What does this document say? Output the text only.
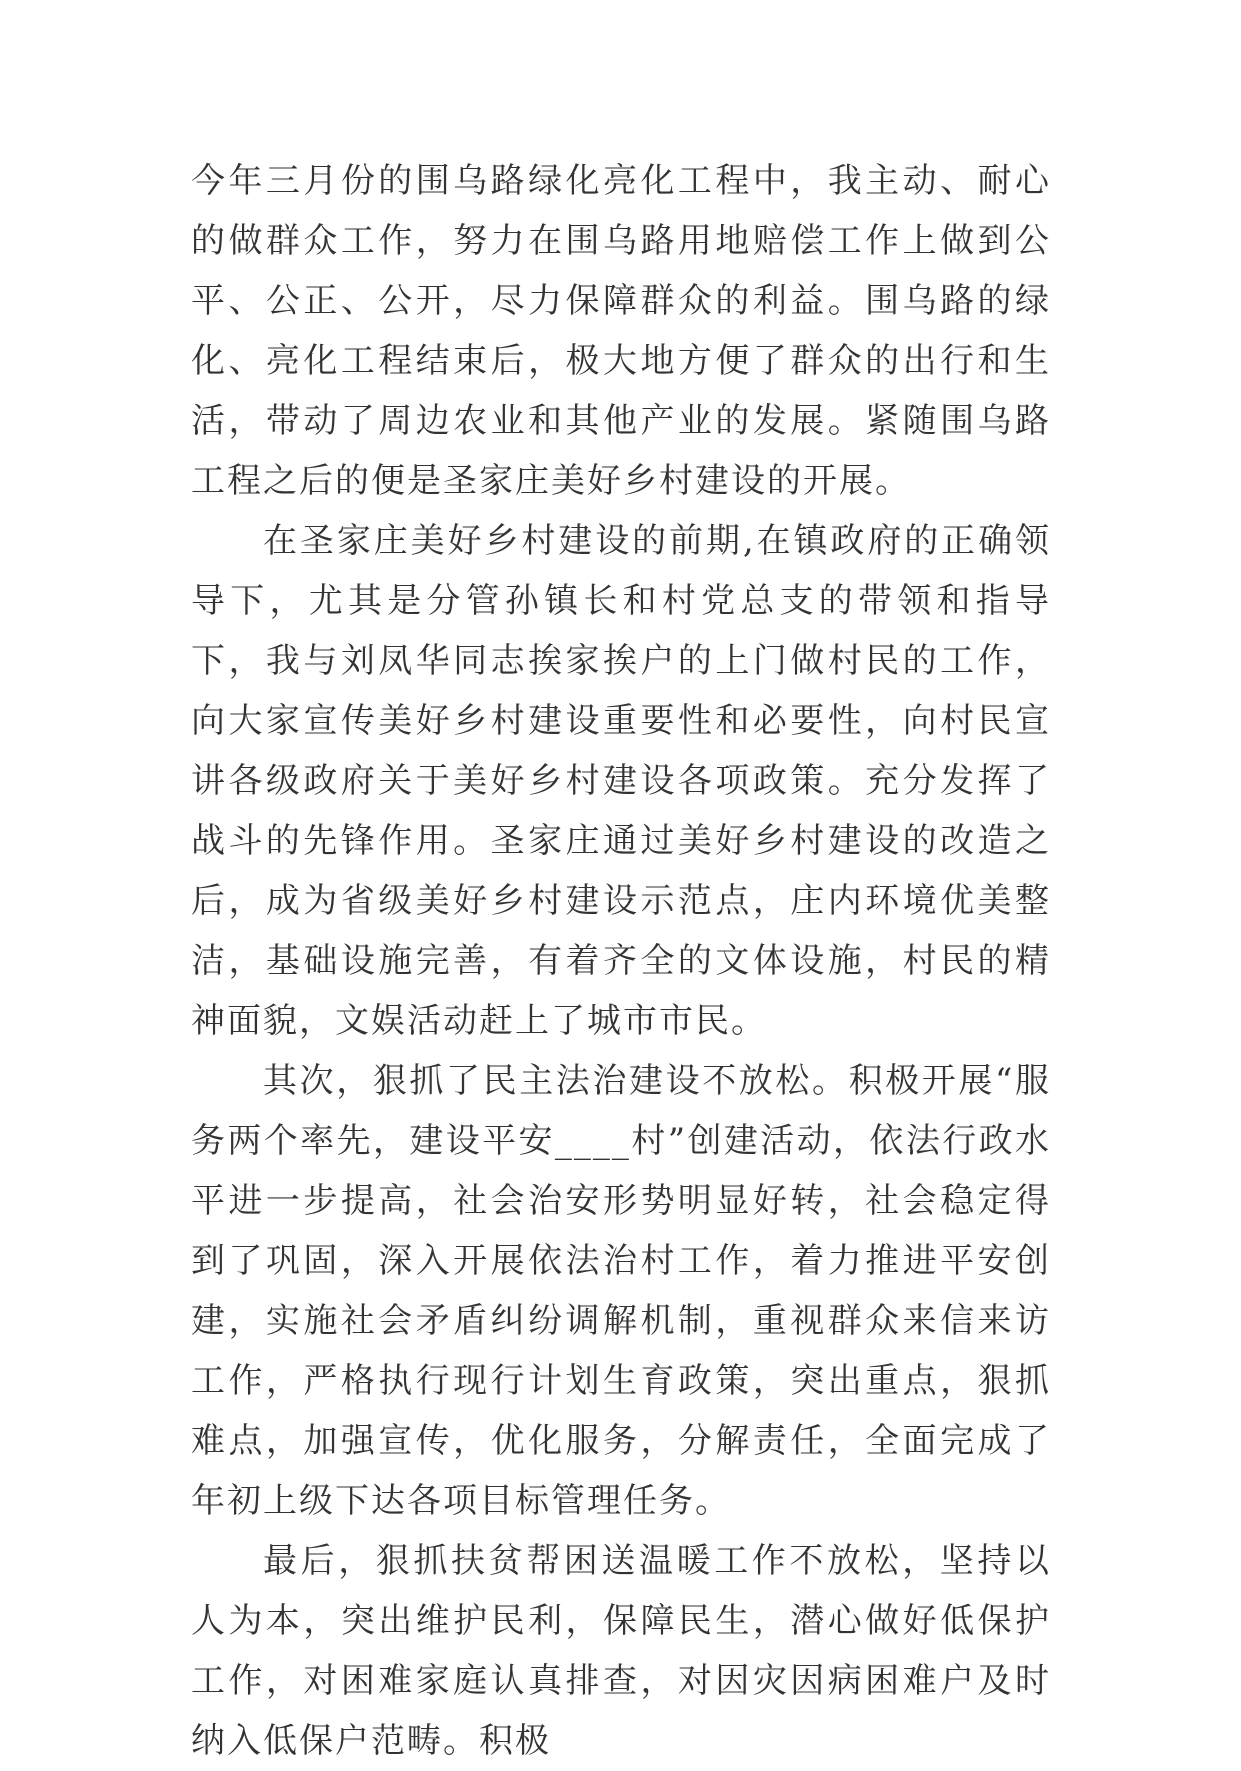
今年三月份的围乌路绿化亮化工程中，我主动、耐心的做群众工作，努力在围乌路用地赔偿工作上做到公平、公正、公开，尽力保障群众的利益。围乌路的绿化、亮化工程结束后，极大地方便了群众的出行和生活，带动了周边农业和其他产业的发展。紧随围乌路工程之后的便是圣家庄美好乡村建设的开展。

在圣家庄美好乡村建设的前期,在镇政府的正确领导下，尤其是分管孙镇长和村党总支的带领和指导下，我与刘凤华同志挨家挨户的上门做村民的工作，向大家宣传美好乡村建设重要性和必要性，向村民宣讲各级政府关于美好乡村建设各项政策。充分发挥了战斗的先锋作用。圣家庄通过美好乡村建设的改造之后，成为省级美好乡村建设示范点，庄内环境优美整洁，基础设施完善，有着齐全的文体设施，村民的精神面貌，文娱活动赶上了城市市民。

其次，狠抓了民主法治建设不放松。积极开展“服务两个率先，建设平安____村”创建活动，依法行政水平进一步提高，社会治安形势明显好转，社会稳定得到了巩固，深入开展依法治村工作，着力推进平安创建，实施社会矛盾纠纷调解机制，重视群众来信来访工作，严格执行现行计划生育政策，突出重点，狠抓难点，加强宣传，优化服务，分解责任，全面完成了年初上级下达各项目标管理任务。

最后，狠抓扶贫帮困送温暖工作不放松，坚持以人为本，突出维护民利，保障民生，潜心做好低保护工作，对困难家庭认真排查，对因灾因病困难户及时纳入低保户范畴。积极
